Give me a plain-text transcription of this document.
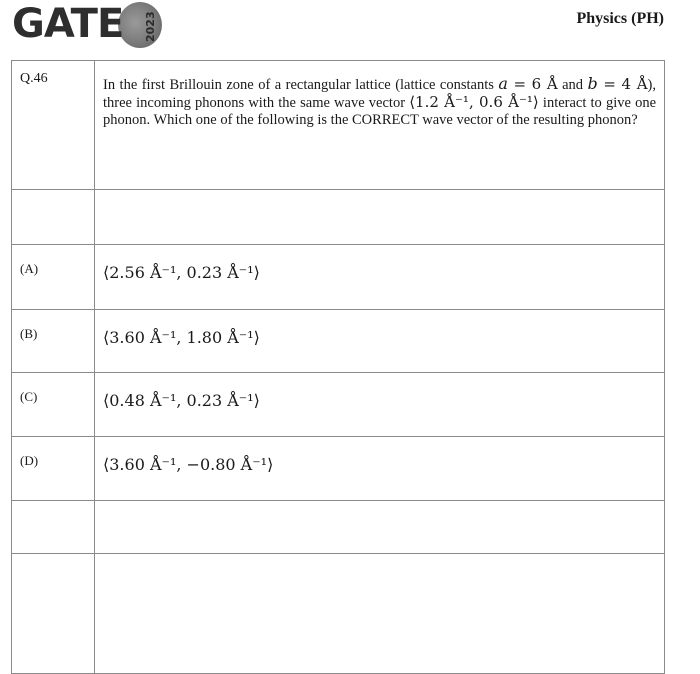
GATE 2023	Physics (PH)
Q.46	In the first Brillouin zone of a rectangular lattice (lattice constants a = 6 Å and b = 4 Å), three incoming phonons with the same wave vector ⟨1.2 Å⁻¹, 0.6 Å⁻¹⟩ interact to give one phonon. Which one of the following is the CORRECT wave vector of the resulting phonon?

(A)	⟨2.56 Å⁻¹, 0.23 Å⁻¹⟩
(B)	⟨3.60 Å⁻¹, 1.80 Å⁻¹⟩
(C)	⟨0.48 Å⁻¹, 0.23 Å⁻¹⟩
(D)	⟨3.60 Å⁻¹, −0.80 Å⁻¹⟩
